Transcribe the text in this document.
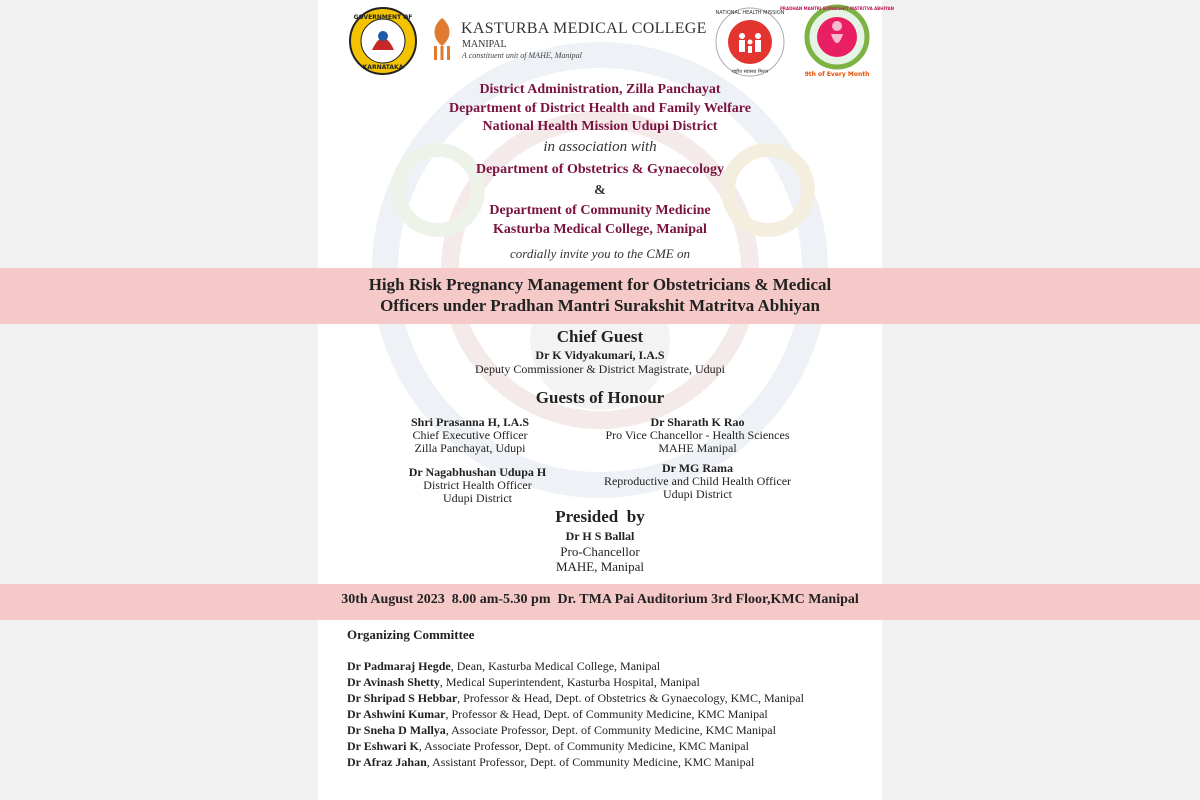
GOVERNMENT OF
KARNATAKA
KASTURBA MEDICAL COLLEGE
MANIPAL
A constituent unit of MAHE, Manipal
NATIONAL HEALTH MISSION
राष्ट्रीय स्वास्थ्य मिशन
PRADHAN MANTRI SURAKSHIT MATRITVA ABHIYAN
9th of Every Month
District Administration, Zilla Panchayat
Department of District Health and Family Welfare
National Health Mission Udupi District
in association with
Department of Obstetrics & Gynaecology
&
Department of Community Medicine
Kasturba Medical College, Manipal
cordially invite you to the CME on
High Risk Pregnancy Management for Obstetricians & Medical
Officers under Pradhan Mantri Surakshit Matritva Abhiyan
Chief Guest
Dr K Vidyakumari, I.A.S
Deputy Commissioner & District Magistrate, Udupi
Guests of Honour
Shri Prasanna H, I.A.S
Chief Executive Officer
Zilla Panchayat, Udupi
Dr Sharath K Rao
Pro Vice Chancellor - Health Sciences
MAHE Manipal
Dr Nagabhushan Udupa H
District Health Officer
Udupi District
Dr MG Rama
Reproductive and Child Health Officer
Udupi District
Presided  by
Dr H S Ballal
Pro-Chancellor
MAHE, Manipal
30th August 2023  8.00 am-5.30 pm  Dr. TMA Pai Auditorium 3rd Floor,KMC Manipal
Organizing Committee
Dr Padmaraj Hegde, Dean, Kasturba Medical College, Manipal
Dr Avinash Shetty, Medical Superintendent, Kasturba Hospital, Manipal
Dr Shripad S Hebbar, Professor & Head, Dept. of Obstetrics & Gynaecology, KMC, Manipal
Dr Ashwini Kumar, Professor & Head, Dept. of Community Medicine, KMC Manipal
Dr Sneha D Mallya, Associate Professor, Dept. of Community Medicine, KMC Manipal
Dr Eshwari K, Associate Professor, Dept. of Community Medicine, KMC Manipal
Dr Afraz Jahan, Assistant Professor, Dept. of Community Medicine, KMC Manipal
